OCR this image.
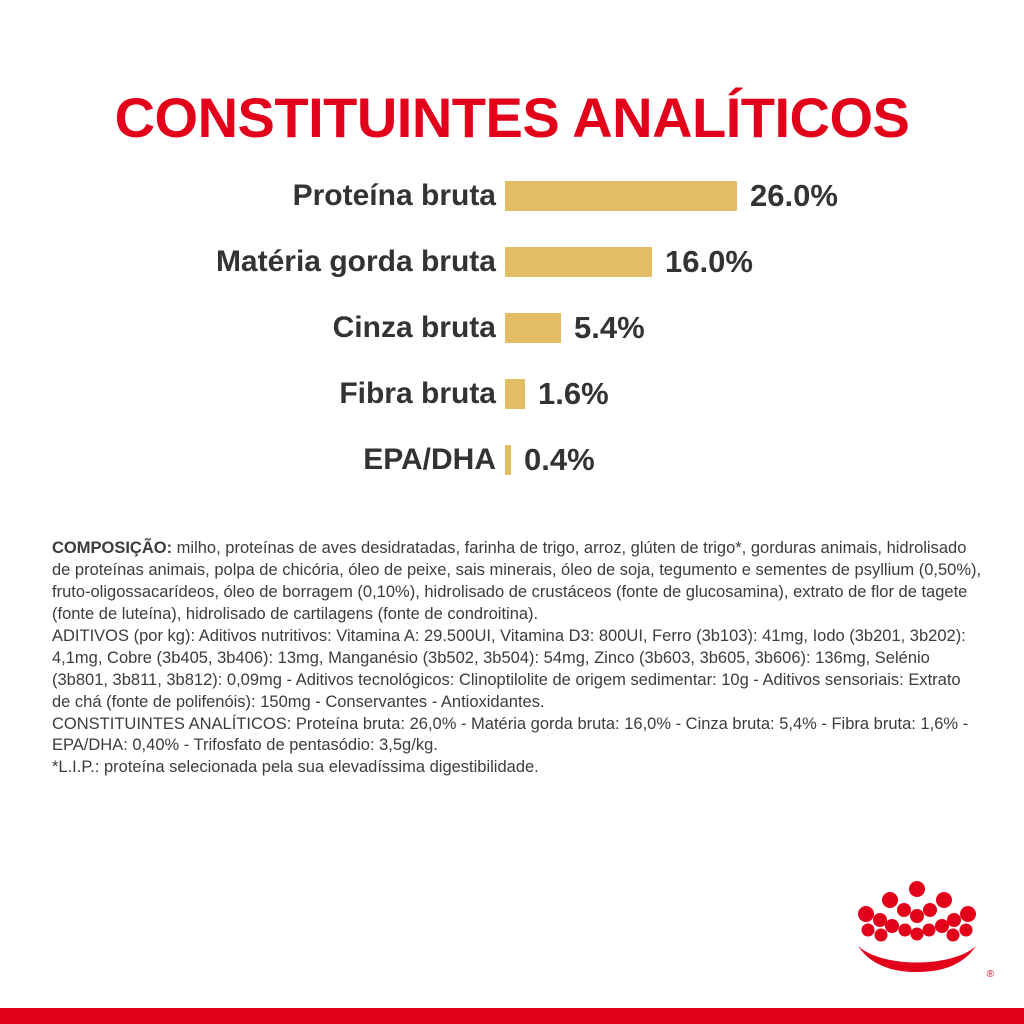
CONSTITUINTES ANALÍTICOS
Proteína bruta	26.0%
Matéria gorda bruta	16.0%
Cinza bruta	5.4%
Fibra bruta 1.6%
EPA/DHA 0.4%

COMPOSIÇÃO: milho, proteínas de aves desidratadas, farinha de trigo, arroz, glúten de trigo*, gorduras animais, hidrolisado de proteínas animais, polpa de chicória, óleo de peixe, sais minerais, óleo de soja, tegumento e sementes de psyllium (0,50%), fruto-oligossacarídeos, óleo de borragem (0,10%), hidrolisado de crustáceos (fonte de glucosamina), extrato de flor de tagete (fonte de luteína), hidrolisado de cartilagens (fonte de condroitina).

ADITIVOS (por kg): Aditivos nutritivos: Vitamina A: 29.500UI, Vitamina D3: 800UI, Ferro (3b103): 41mg, Iodo (3b201, 3b202): 4,1mg, Cobre (3b405, 3b406): 13mg, Manganésio (3b502, 3b504): 54mg, Zinco (3b603, 3b605, 3b606): 136mg, Selénio (3b801, 3b811, 3b812): 0,09mg - Aditivos tecnológicos: Clinoptilolite de origem sedimentar: 10g - Aditivos sensoriais: Extrato de chá (fonte de polifenóis): 150mg - Conservantes - Antioxidantes.

CONSTITUINTES ANALÍTICOS: Proteína bruta: 26,0% - Matéria gorda bruta: 16,0% - Cinza bruta: 5,4% - Fibra bruta: 1,6% - EPA/DHA: 0,40% - Trifosfato de pentasódio: 3,5g/kg.

*L.I.P.: proteína selecionada pela sua elevadíssima digestibilidade.

®
